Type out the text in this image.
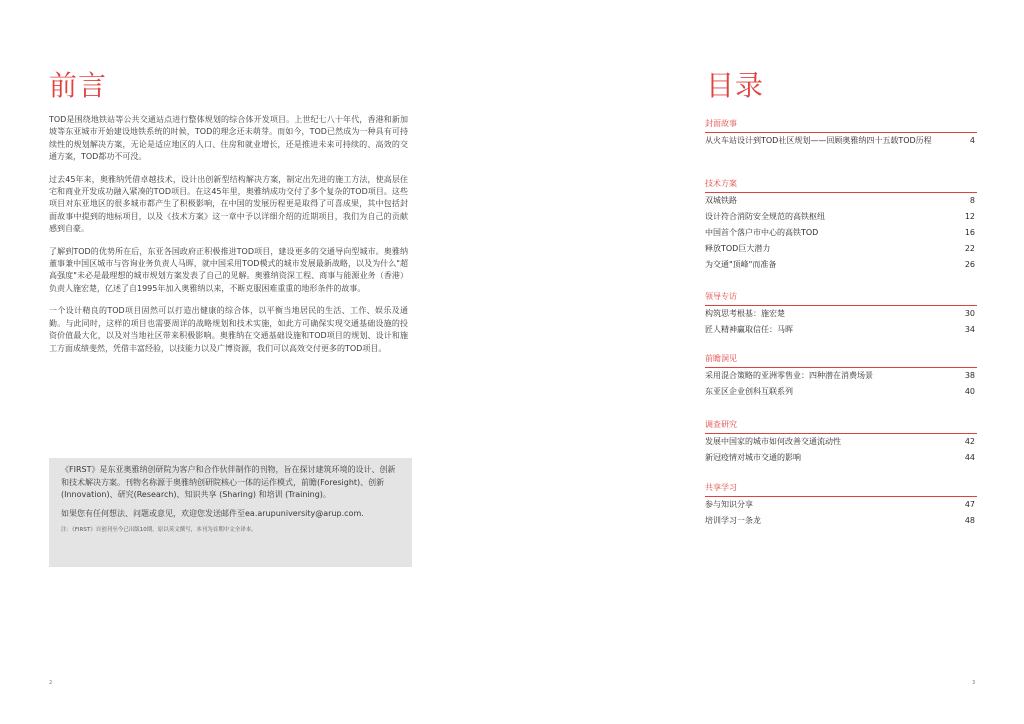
前言

TOD是围绕地铁站等公共交通站点进行整体规划的综合体开发项目。上世纪七八十年代，香港和新加坡等东亚城市开始建设地铁系统的时候，TOD的理念还未萌芽。而如今，TOD已然成为一种具有可持续性的规划解决方案，无论是适应地区的人口、住房和就业增长，还是推进未来可持续的、高效的交通方案，TOD都功不可没。

过去45年来，奥雅纳凭借卓越技术，设计出创新型结构解决方案，制定出先进的施工方法，使高层住宅和商业开发成功融入紧凑的TOD项目。在这45年里，奥雅纳成功交付了多个复杂的TOD项目。这些项目对东亚地区的很多城市都产生了积极影响，在中国的发展历程更是取得了可喜成果，其中包括封面故事中提到的地标项目，以及《技术方案》这一章中予以详细介绍的近期项目，我们为自己的贡献感到自豪。

了解到TOD的优势所在后，东亚各国政府正积极推进TOD项目，建设更多的交通导向型城市。奥雅纳董事兼中国区城市与咨询业务负责人马晖，就中国采用TOD模式的城市发展最新战略，以及为什么"超高强度"未必是最理想的城市规划方案发表了自己的见解。奥雅纳资深工程、商事与能源业务（香港）负责人施宏楚，亿述了自1995年加入奥雅纳以来，不断克服困难重重的地形条件的故事。

一个设计精良的TOD项目固然可以打造出健康的综合体，以平衡当地居民的生活、工作、娱乐及通勤。与此同时，这样的项目也需要周详的战略规划和技术实施，如此方可确保实现交通基础设施的投资价值最大化，以及对当地社区带来积极影响。奥雅纳在交通基础设施和TOD项目的规划、设计和施工方面成绩斐然，凭借丰富经验，以技能力以及广博资源，我们可以高效交付更多的TOD项目。

《FIRST》是东亚奥雅纳创研院为客户和合作伙伴制作的刊物，旨在探讨建筑环境的设计、创新和技术解决方案。刊物名称源于奥雅纳创研院核心一体的运作模式，前瞻(Foresight)、创新(Innovation)、研究(Research)、知识共享 (Sharing) 和培训 (Training)。

如果您有任何想法、问题或意见，欢迎您发送邮件至ea.arupuniversity@arup.com.

注：《FIRST》自创刊至今已出版10期，原以英文撰写，本刊为首期中文全译本。

2
目录
封面故事
从火车站设计到TOD社区规划——回顾奥雅纳四十五载TOD历程	4
技术方案
双城铁路	8
设计符合消防安全规范的高铁枢纽	12
中国首个落户市中心的高铁TOD	16
释放TOD巨大潜力	22
为交通"顶峰"而准备	26
领导专访
构筑思考根基：施宏楚	30
匠人精神赢取信任：马晖	34
前瞻洞见
采用混合策略的亚洲零售业：四种潜在消费场景	38
东亚区企业创科互联系列	40
调查研究
发展中国家的城市如何改善交通流动性	42
新冠疫情对城市交通的影响	44
共享学习
参与知识分享	47
培训学习一条龙	48
3
